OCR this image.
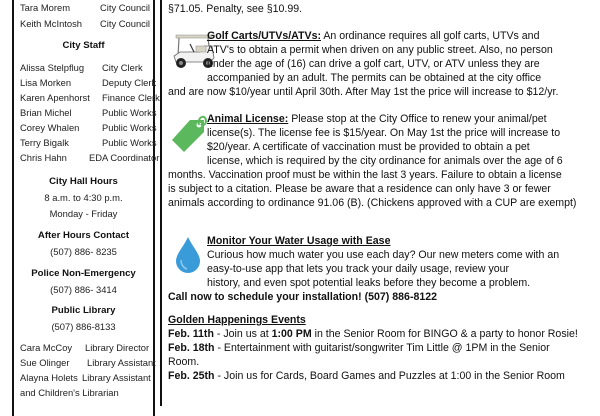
Tara Morem	City Council
Keith McIntosh City Council
City Staff
Alissa Stelpflug City Clerk
Lisa Morken	Deputy Clerk
Karen Apenhorst Finance Clerk
Brian Michel	Public Works
Corey Whalen Public Works
Terry Bigalk	Public Works
Chris Hahn EDA Coordinator
City Hall Hours
8 a.m. to 4:30 p.m.
Monday - Friday
After Hours Contact
(507) 886- 8235
Police Non-Emergency
(507) 886- 3414
Public Library
(507) 886-8133
Cara McCoy Library Director
Sue Olinger Library Assistant
Alayna Holets Library Assistant
and Children's Librarian
§71.05. Penalty, see §10.99.
Golf Carts/UTVs/ATVs: An ordinance requires all golf carts, UTVs and
ATV's to obtain a permit when driven on any public street. Also, no person
under the age of (16) can drive a golf cart, UTV, or ATV unless they are
accompanied by an adult. The permits can be obtained at the city office
and are now $10/year until April 30th. After May 1st the price will increase to $12/yr.
Animal License: Please stop at the City Office to renew your animal/pet
license(s). The license fee is $15/year. On May 1st the price will increase to
$20/year. A certificate of vaccination must be provided to obtain a pet
license, which is required by the city ordinance for animals over the age of 6
months. Vaccination proof must be within the last 3 years. Failure to obtain a license
is subject to a citation. Please be aware that a residence can only have 3 or fewer
animals according to ordinance 91.06 (B). (Chickens approved with a CUP are exempt)
Monitor Your Water Usage with Ease
Curious how much water you use each day? Our new meters come with an
easy-to-use app that lets you track your daily usage, review your
history, and even spot potential leaks before they become a problem.
Call now to schedule your installation! (507) 886-8122
Golden Happenings Events
Feb. 11th - Join us at 1:00 PM in the Senior Room for BINGO & a party to honor Rosie!
Feb. 18th - Entertainment with guitarist/songwriter Tim Little @ 1PM in the Senior
Room.
Feb. 25th - Join us for Cards, Board Games and Puzzles at 1:00 in the Senior Room
